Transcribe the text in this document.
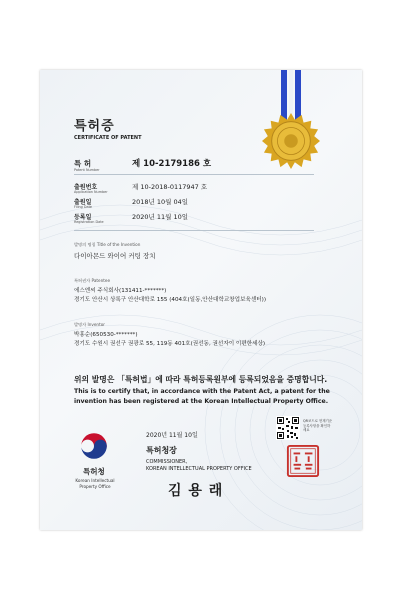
특허증
CERTIFICATE OF PATENT
특 허
Patent Number
제 10-2179186 호
출원번호
Application Number
제 10-2018-0117947 호
출원일
Filing Date
2018년 10월 04일
등록일
Registration Date
2020년 11월 10일
발명의 명칭 Title of the Invention
다이아몬드 와이어 커팅 장치
특허권자 Patentee
에스엔씨 주식회사(131411-*******)
경기도 안산시 상록구 안산대학로 155 (404호(일동,안산대학교창업보육센터))
발명자 Inventor
박홍순(650530-*******)
경기도 수원시 권선구 권광로 55, 119동 401호(권선동, 권선자이 이편한세상)
위의 발명은 「특허법」에 따라 특허등록원부에 등록되었음을 증명합니다.
This is to certify that, in accordance with the Patent Act, a patent for the invention has been registered at the Korean Intellectual Property Office.
특허청
Korean Intellectual Property Office
2020년 11월 10일
특허청장
COMMISSIONER,
KOREAN INTELLECTUAL PROPERTY OFFICE
김 용 래
QR코드로 현재기준 등록사항을 확인하세요
